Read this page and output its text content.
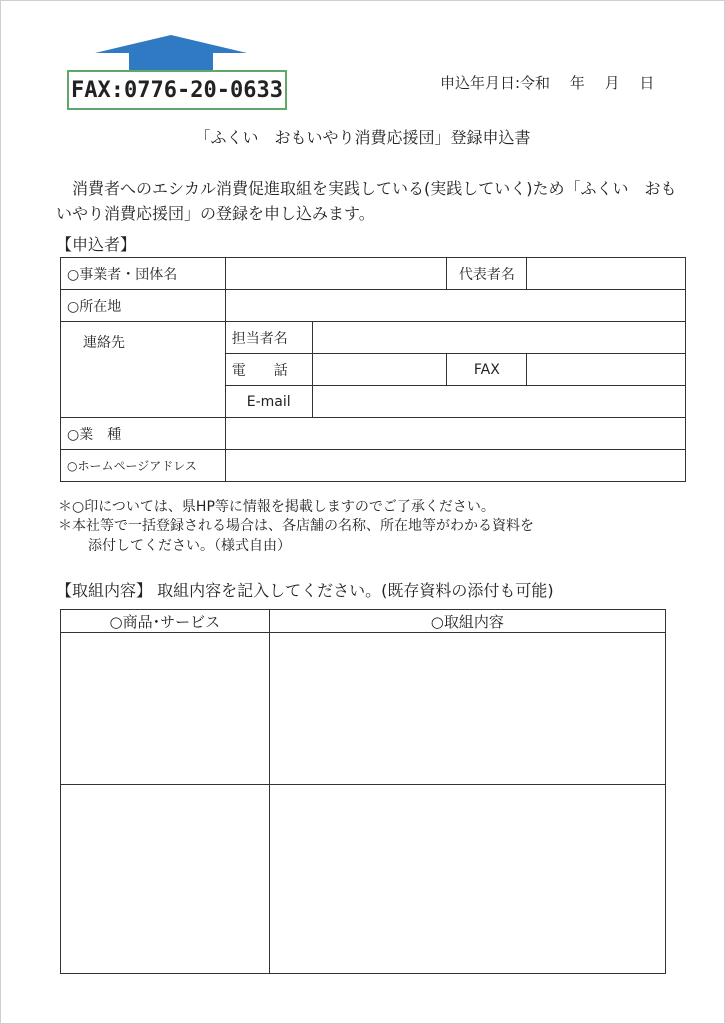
FAX:0776-20-0633	申込年月日:令和　 年　 月　 日
「ふくい　おもいやり消費応援団」登録申込書
消費者へのエシカル消費促進取組を実践している(実践していく)ため「ふくい　おもいやり消費応援団」の登録を申し込みます。
【申込者】
○事業者・団体名			代表者名	
○所在地				
連絡先	担当者名			
	電　　話		FAX	
	E-mail			
○業　種				
○ホームページアドレス				
＊○印については、県HP等に情報を掲載しますのでご了承ください。
＊本社等で一括登録される場合は、各店舗の名称、所在地等がわかる資料を
添付してください。（様式自由）
【取組内容】 取組内容を記入してください。(既存資料の添付も可能)
○商品･サービス	○取組内容
